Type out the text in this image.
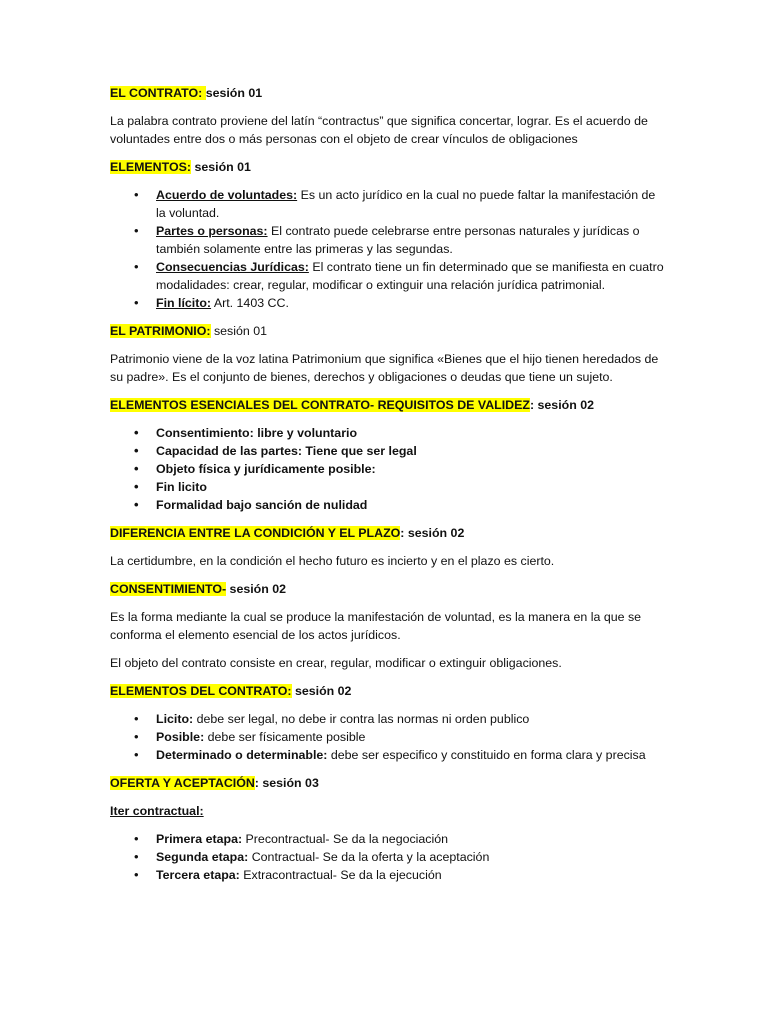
EL CONTRATO: sesión 01

La palabra contrato proviene del latín “contractus” que significa concertar, lograr. Es el acuerdo de voluntades entre dos o más personas con el objeto de crear vínculos de obligaciones

ELEMENTOS: sesión 01
• Acuerdo de voluntades: Es un acto jurídico en la cual no puede faltar la manifestación de la voluntad.
• Partes o personas: El contrato puede celebrarse entre personas naturales y jurídicas o también solamente entre las primeras y las segundas.
• Consecuencias Jurídicas: El contrato tiene un fin determinado que se manifiesta en cuatro modalidades: crear, regular, modificar o extinguir una relación jurídica patrimonial.
• Fin lícito: Art. 1403 CC.
EL PATRIMONIO: sesión 01

Patrimonio viene de la voz latina Patrimonium que significa «Bienes que el hijo tienen heredados de su padre». Es el conjunto de bienes, derechos y obligaciones o deudas que tiene un sujeto.

ELEMENTOS ESENCIALES DEL CONTRATO- REQUISITOS DE VALIDEZ: sesión 02
• Consentimiento: libre y voluntario
• Capacidad de las partes: Tiene que ser legal
• Objeto física y jurídicamente posible:
• Fin licito
• Formalidad bajo sanción de nulidad
DIFERENCIA ENTRE LA CONDICIÓN Y EL PLAZO: sesión 02

La certidumbre, en la condición el hecho futuro es incierto y en el plazo es cierto.

CONSENTIMIENTO- sesión 02

Es la forma mediante la cual se produce la manifestación de voluntad, es la manera en la que se conforma el elemento esencial de los actos jurídicos.

El objeto del contrato consiste en crear, regular, modificar o extinguir obligaciones.

ELEMENTOS DEL CONTRATO: sesión 02
• Licito: debe ser legal, no debe ir contra las normas ni orden publico
• Posible: debe ser físicamente posible
• Determinado o determinable: debe ser especifico y constituido en forma clara y precisa
OFERTA Y ACEPTACIÓN: sesión 03
Iter contractual:
• Primera etapa: Precontractual- Se da la negociación
• Segunda etapa: Contractual- Se da la oferta y la aceptación
• Tercera etapa: Extracontractual- Se da la ejecución
